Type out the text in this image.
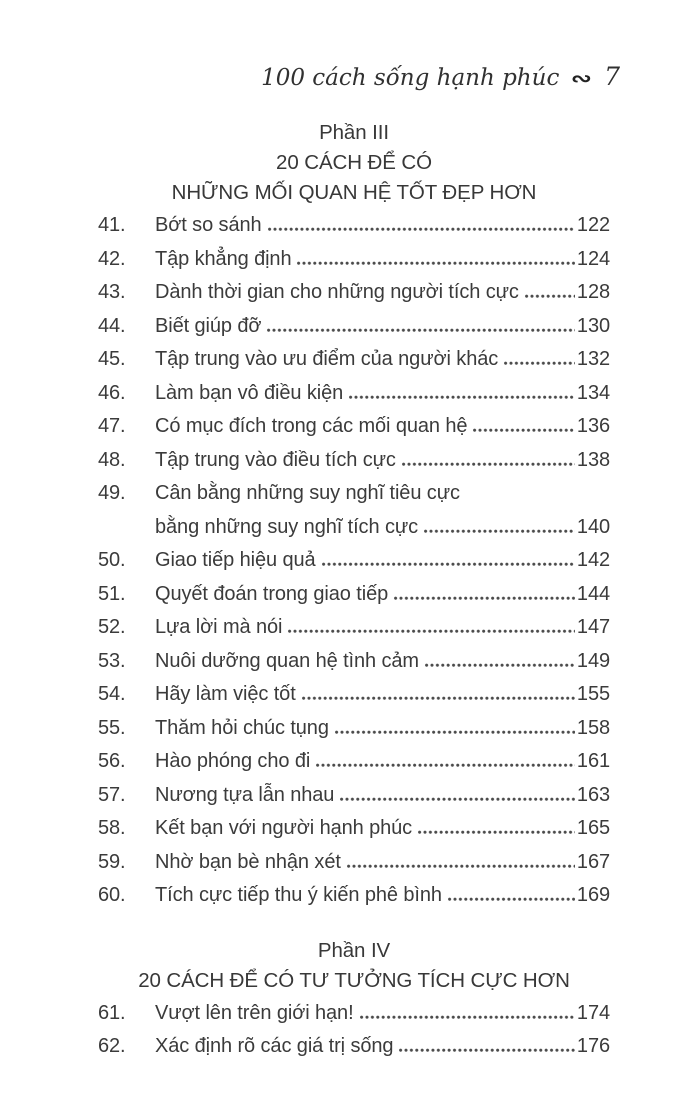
100 cách sống hạnh phúc ∾ 7
Phần III
20 CÁCH ĐỂ CÓ
NHỮNG MỐI QUAN HỆ TỐT ĐẸP HƠN
41.	Bớt so sánh	122
42.	Tập khẳng định	124
43.	Dành thời gian cho những người tích cực	128
44.	Biết giúp đỡ	130
45.	Tập trung vào ưu điểm của người khác	132
46.	Làm bạn vô điều kiện	134
47.	Có mục đích trong các mối quan hệ	136
48.	Tập trung vào điều tích cực	138
49.	Cân bằng những suy nghĩ tiêu cực
bằng những suy nghĩ tích cực	140
50.	Giao tiếp hiệu quả	142
51.	Quyết đoán trong giao tiếp	144
52.	Lựa lời mà nói	147
53.	Nuôi dưỡng quan hệ tình cảm	149
54.	Hãy làm việc tốt	155
55.	Thăm hỏi chúc tụng	158
56.	Hào phóng cho đi	161
57.	Nương tựa lẫn nhau	163
58.	Kết bạn với người hạnh phúc	165
59.	Nhờ bạn bè nhận xét	167
60.	Tích cực tiếp thu ý kiến phê bình	169
Phần IV
20 CÁCH ĐỂ CÓ TƯ TƯỞNG TÍCH CỰC HƠN
61.	Vượt lên trên giới hạn!	174
62.	Xác định rõ các giá trị sống	176
